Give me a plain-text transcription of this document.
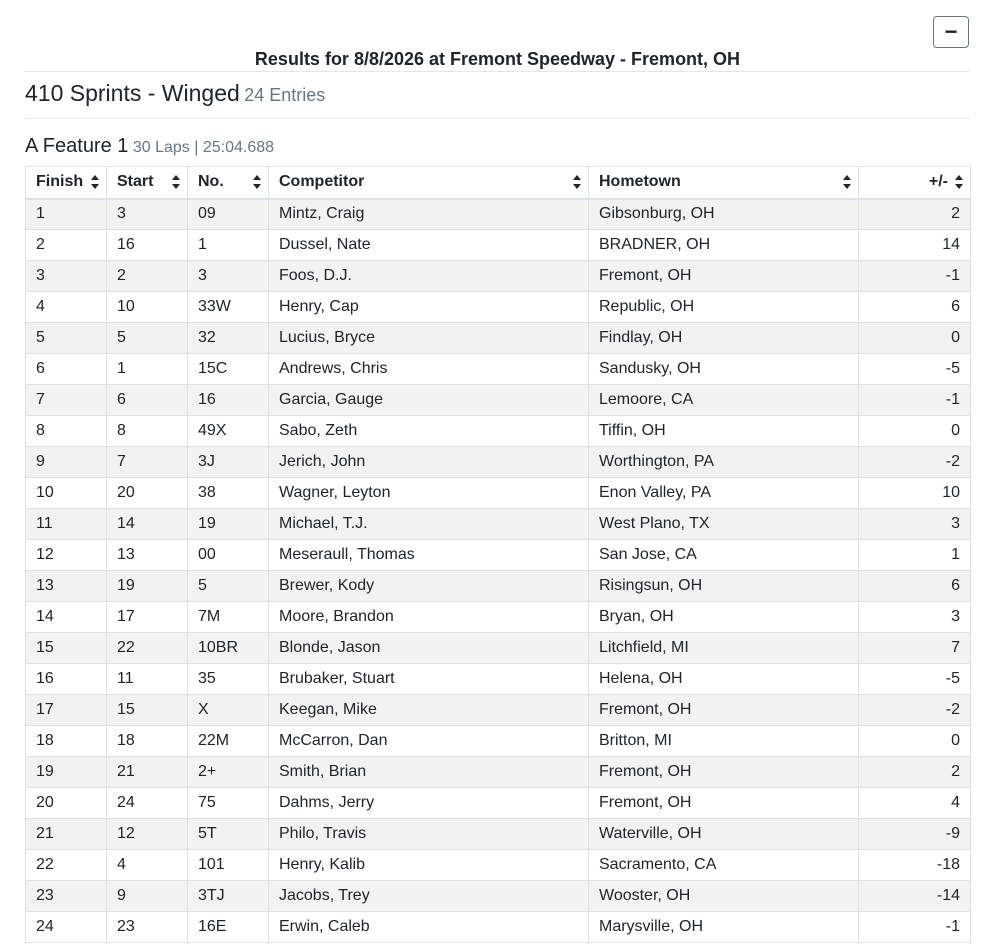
−
Results for 8/8/2026 at Fremont Speedway - Fremont, OH
410 Sprints - Winged 24 Entries
A Feature 1 30 Laps | 25:04.688
Finish	Start	No.	Competitor	Hometown	+/-

1	3	09	Mintz, Craig	Gibsonburg, OH	2
2	16	1	Dussel, Nate	BRADNER, OH	14
3	2	3	Foos, D.J.	Fremont, OH	-1
4	10	33W	Henry, Cap	Republic, OH	6
5	5	32	Lucius, Bryce	Findlay, OH	0
6	1	15C	Andrews, Chris	Sandusky, OH	-5
7	6	16	Garcia, Gauge	Lemoore, CA	-1
8	8	49X	Sabo, Zeth	Tiffin, OH	0
9	7	3J	Jerich, John	Worthington, PA	-2
10	20	38	Wagner, Leyton	Enon Valley, PA	10
11	14	19	Michael, T.J.	West Plano, TX	3
12	13	00	Meseraull, Thomas	San Jose, CA	1
13	19	5	Brewer, Kody	Risingsun, OH	6
14	17	7M	Moore, Brandon	Bryan, OH	3
15	22	10BR	Blonde, Jason	Litchfield, MI	7
16	11	35	Brubaker, Stuart	Helena, OH	-5
17	15	X	Keegan, Mike	Fremont, OH	-2
18	18	22M	McCarron, Dan	Britton, MI	0
19	21	2+	Smith, Brian	Fremont, OH	2
20	24	75	Dahms, Jerry	Fremont, OH	4
21	12	5T	Philo, Travis	Waterville, OH	-9
22	4	101	Henry, Kalib	Sacramento, CA	-18
23	9	3TJ	Jacobs, Trey	Wooster, OH	-14
24	23	16E	Erwin, Caleb	Marysville, OH	-1
